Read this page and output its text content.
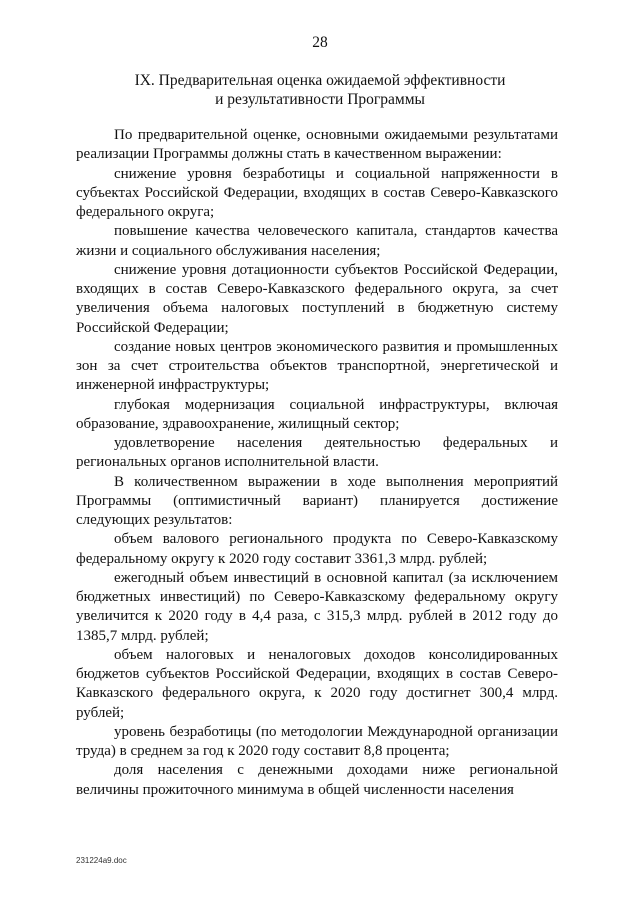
28
IX. Предварительная оценка ожидаемой эффективности
и результативности Программы

По предварительной оценке, основными ожидаемыми результатами реализации Программы должны стать в качественном выражении:

снижение уровня безработицы и социальной напряженности в субъектах Российской Федерации, входящих в состав Северо-Кавказского федерального округа;

повышение качества человеческого капитала, стандартов качества жизни и социального обслуживания населения;

снижение уровня дотационности субъектов Российской Федерации, входящих в состав Северо-Кавказского федерального округа, за счет увеличения объема налоговых поступлений в бюджетную систему Российской Федерации;

создание новых центров экономического развития и промышленных зон за счет строительства объектов транспортной, энергетической и инженерной инфраструктуры;

глубокая модернизация социальной инфраструктуры, включая образование, здравоохранение, жилищный сектор;

удовлетворение населения деятельностью федеральных и региональных органов исполнительной власти.

В количественном выражении в ходе выполнения мероприятий Программы (оптимистичный вариант) планируется достижение следующих результатов:

объем валового регионального продукта по Северо-Кавказскому федеральному округу к 2020 году составит 3361,3 млрд. рублей;

ежегодный объем инвестиций в основной капитал (за исключением бюджетных инвестиций) по Северо-Кавказскому федеральному округу увеличится к 2020 году в 4,4 раза, с 315,3 млрд. рублей в 2012 году до 1385,7 млрд. рублей;

объем налоговых и неналоговых доходов консолидированных бюджетов субъектов Российской Федерации, входящих в состав Северо-Кавказского федерального округа, к 2020 году достигнет 300,4 млрд. рублей;

уровень безработицы (по методологии Международной организации труда) в среднем за год к 2020 году составит 8,8 процента;

доля населения с денежными доходами ниже региональной величины прожиточного минимума в общей численности населения

231224a9.doc
